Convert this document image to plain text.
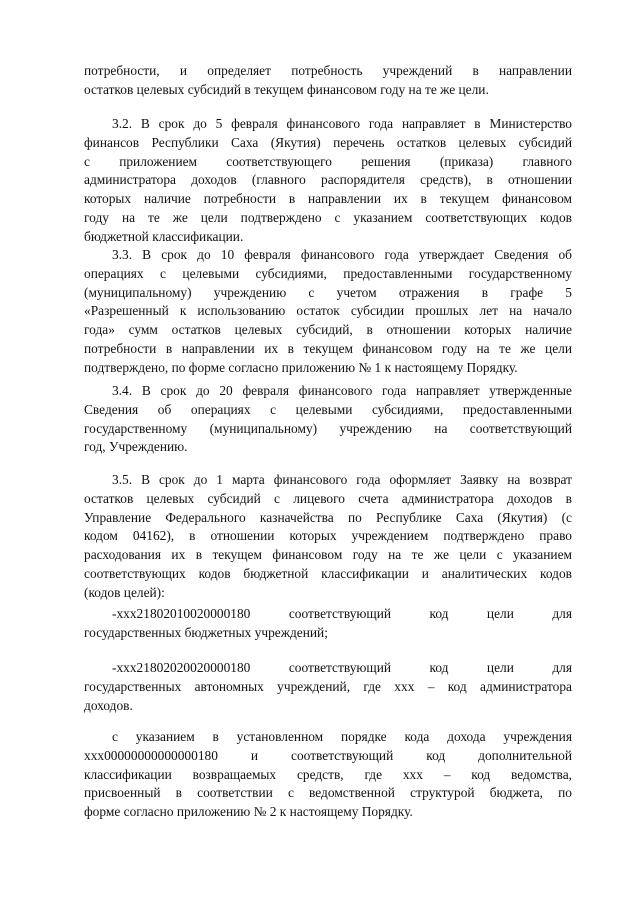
потребности, и определяет потребность учреждений в направлении
остатков целевых субсидий в текущем финансовом году на те же цели.
3.2. В срок до 5 февраля финансового года направляет в Министерство
финансов Республики Саха (Якутия) перечень остатков целевых субсидий
с приложением соответствующего решения (приказа) главного
администратора доходов (главного распорядителя средств), в отношении
которых наличие потребности в направлении их в текущем финансовом
году на те же цели подтверждено с указанием соответствующих кодов
бюджетной классификации.
3.3. В срок до 10 февраля финансового года утверждает Сведения об
операциях с целевыми субсидиями, предоставленными государственному
(муниципальному) учреждению с учетом отражения в графе 5
«Разрешенный к использованию остаток субсидии прошлых лет на начало
года» сумм остатков целевых субсидий, в отношении которых наличие
потребности в направлении их в текущем финансовом году на те же цели
подтверждено, по форме согласно приложению № 1 к настоящему Порядку.
3.4. В срок до 20 февраля финансового года направляет утвержденные
Сведения об операциях с целевыми субсидиями, предоставленными
государственному (муниципальному) учреждению на соответствующий
год, Учреждению.
3.5. В срок до 1 марта финансового года оформляет Заявку на возврат
остатков целевых субсидий с лицевого счета администратора доходов в
Управление Федерального казначейства по Республике Саха (Якутия) (с
кодом 04162), в отношении которых учреждением подтверждено право
расходования их в текущем финансовом году на те же цели с указанием
соответствующих кодов бюджетной классификации и аналитических кодов
(кодов целей):
-xxx21802010020000180 соответствующий код цели для
государственных бюджетных учреждений;
-xxx21802020020000180 соответствующий код цели для
государственных автономных учреждений, где xxx – код администратора
доходов.
с указанием в установленном порядке кода дохода учреждения
xxx00000000000000180 и соответствующий код дополнительной
классификации возвращаемых средств, где xxx – код ведомства,
присвоенный в соответствии с ведомственной структурой бюджета, по
форме согласно приложению № 2 к настоящему Порядку.
